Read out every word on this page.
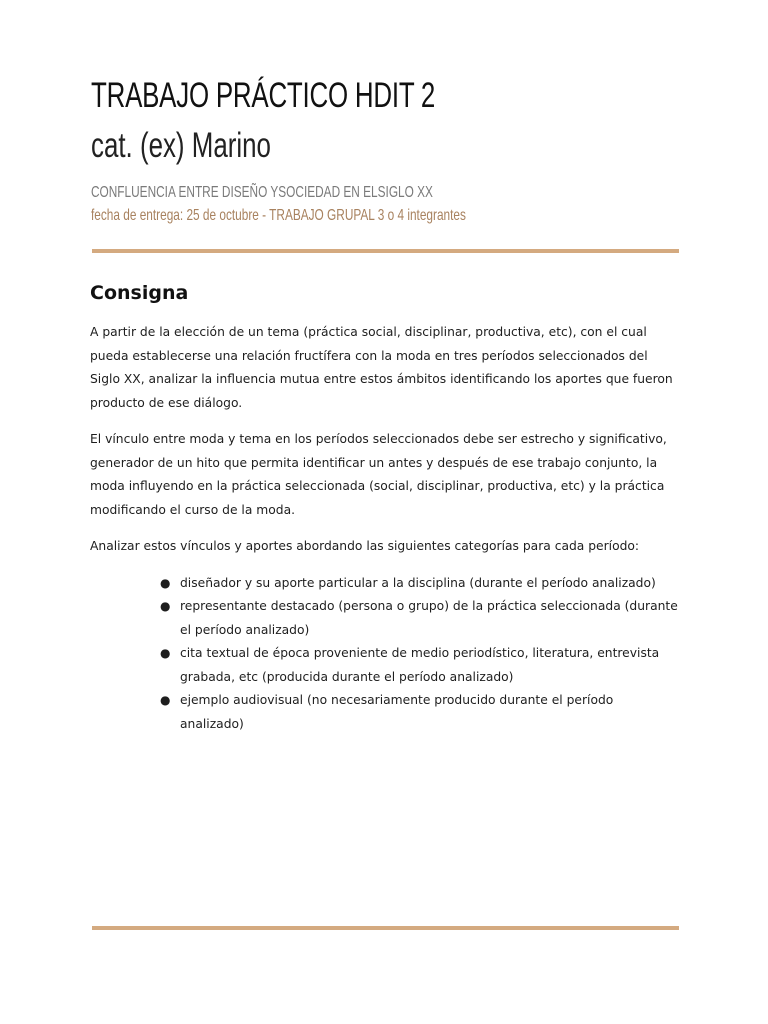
TRABAJO PRÁCTICO HDIT 2
cat. (ex) Marino
CONFLUENCIA ENTRE DISEÑO YSOCIEDAD EN ELSIGLO XX
fecha de entrega: 25 de octubre - TRABAJO GRUPAL 3 o 4 integrantes
Consigna

A partir de la elección de un tema (práctica social, disciplinar, productiva, etc), con el cual pueda establecerse una relación fructífera con la moda en tres períodos seleccionados del Siglo XX, analizar la influencia mutua entre estos ámbitos identificando los aportes que fueron producto de ese diálogo.

El vínculo entre moda y tema en los períodos seleccionados debe ser estrecho y significativo, generador de un hito que permita identificar un antes y después de ese trabajo conjunto, la moda influyendo en la práctica seleccionada (social, disciplinar, productiva, etc) y la práctica modificando el curso de la moda.

Analizar estos vínculos y aportes abordando las siguientes categorías para cada período:

● diseñador y su aporte particular a la disciplina (durante el período analizado)
● representante destacado (persona o grupo) de la práctica seleccionada (durante el período analizado)
● cita textual de época proveniente de medio periodístico, literatura, entrevista grabada, etc (producida durante el período analizado)
● ejemplo audiovisual (no necesariamente producido durante el período analizado)
